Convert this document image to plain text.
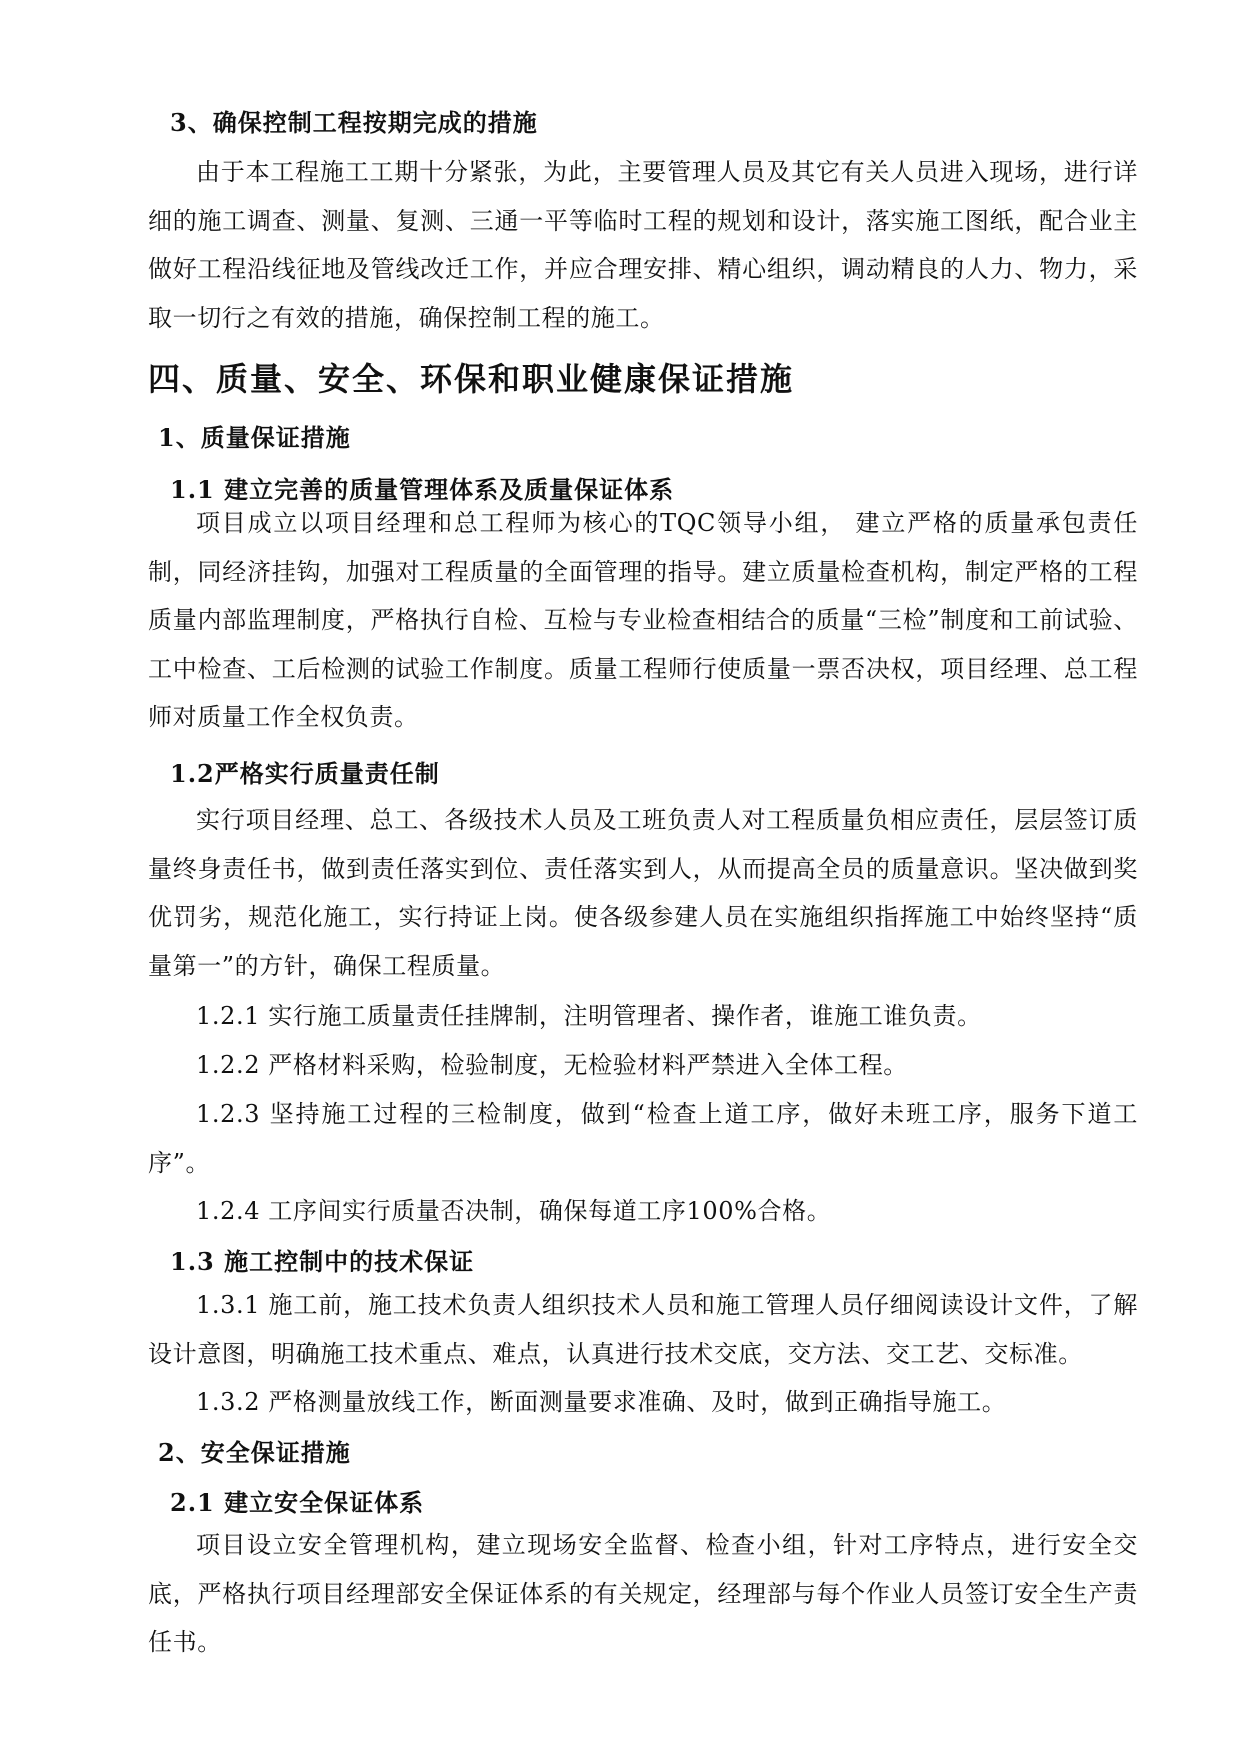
3、确保控制工程按期完成的措施

由于本工程施工工期十分紧张，为此，主要管理人员及其它有关人员进入现场，进行详细的施工调查、测量、复测、三通一平等临时工程的规划和设计，落实施工图纸，配合业主做好工程沿线征地及管线改迁工作，并应合理安排、精心组织，调动精良的人力、物力，采取一切行之有效的措施，确保控制工程的施工。

四、质量、安全、环保和职业健康保证措施
1、质量保证措施
1.1 建立完善的质量管理体系及质量保证体系

项目成立以项目经理和总工程师为核心的TQC领导小组， 建立严格的质量承包责任制，同经济挂钩，加强对工程质量的全面管理的指导。建立质量检查机构，制定严格的工程质量内部监理制度，严格执行自检、互检与专业检查相结合的质量“三检”制度和工前试验、工中检查、工后检测的试验工作制度。质量工程师行使质量一票否决权，项目经理、总工程师对质量工作全权负责。

1.2严格实行质量责任制

实行项目经理、总工、各级技术人员及工班负责人对工程质量负相应责任，层层签订质量终身责任书，做到责任落实到位、责任落实到人，从而提高全员的质量意识。坚决做到奖优罚劣，规范化施工，实行持证上岗。使各级参建人员在实施组织指挥施工中始终坚持“质量第一”的方针，确保工程质量。

1.2.1 实行施工质量责任挂牌制，注明管理者、操作者，谁施工谁负责。

1.2.2 严格材料采购，检验制度，无检验材料严禁进入全体工程。

1.2.3 坚持施工过程的三检制度，做到“检查上道工序，做好未班工序，服务下道工序”。

1.2.4 工序间实行质量否决制，确保每道工序100%合格。

1.3 施工控制中的技术保证

1.3.1 施工前，施工技术负责人组织技术人员和施工管理人员仔细阅读设计文件，了解设计意图，明确施工技术重点、难点，认真进行技术交底，交方法、交工艺、交标准。

1.3.2 严格测量放线工作，断面测量要求准确、及时，做到正确指导施工。

2、安全保证措施
2.1 建立安全保证体系

项目设立安全管理机构，建立现场安全监督、检查小组，针对工序特点，进行安全交底，严格执行项目经理部安全保证体系的有关规定，经理部与每个作业人员签订安全生产责任书。
